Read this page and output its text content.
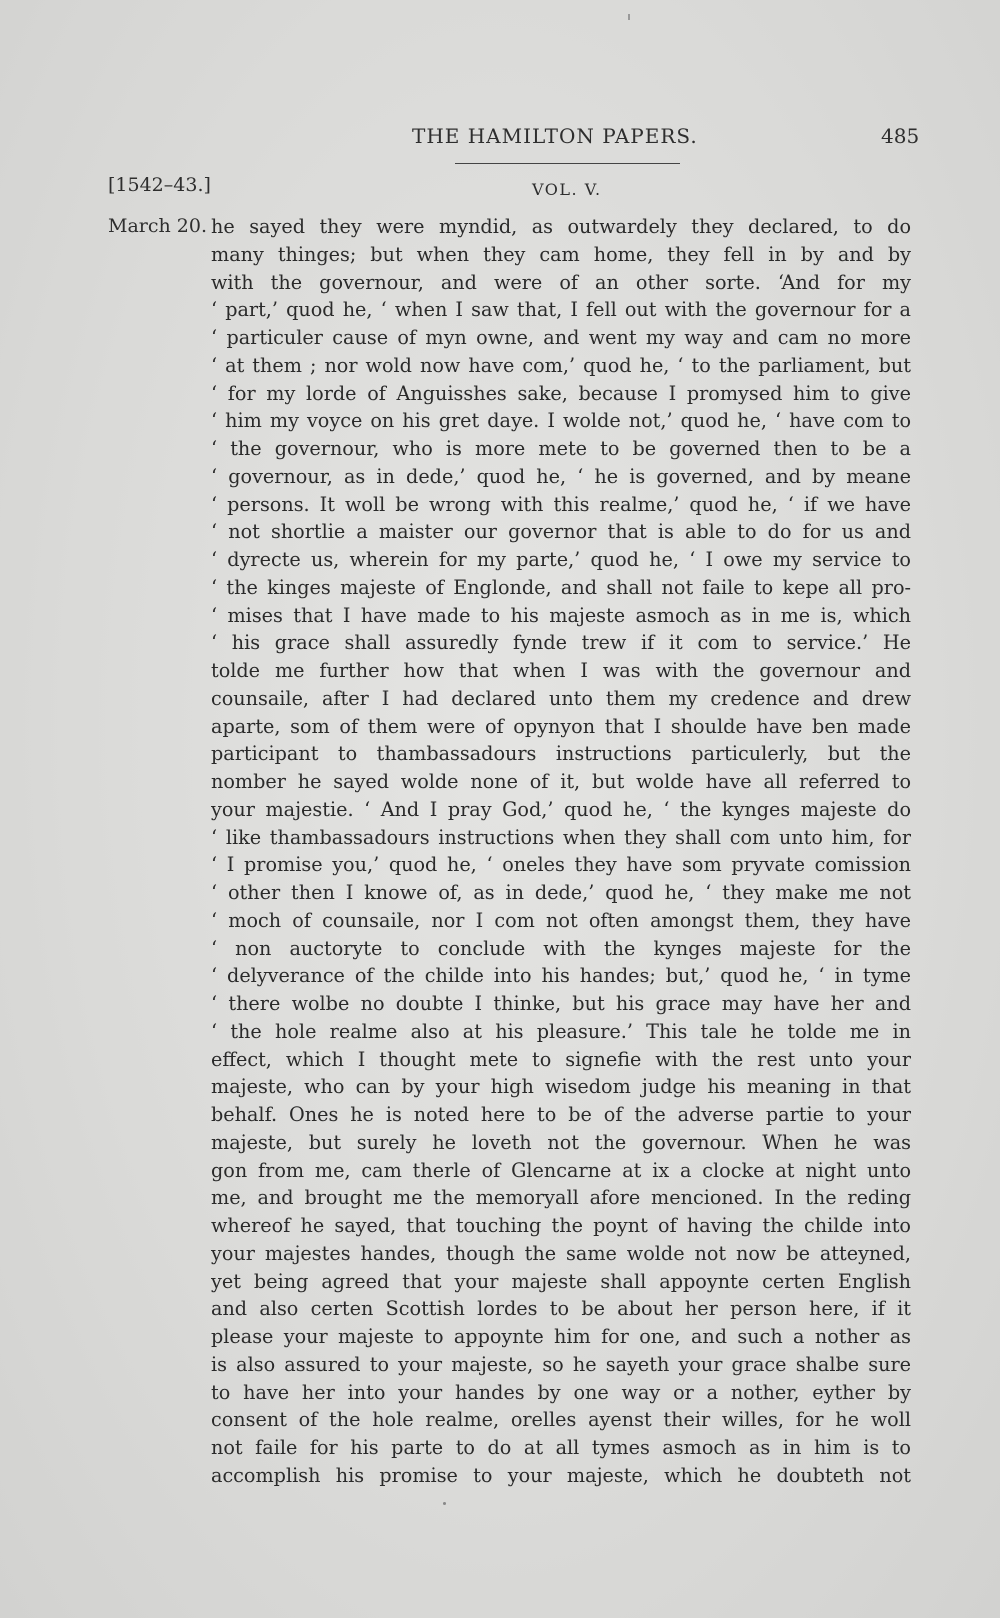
THE HAMILTON PAPERS.	485
[1542–43.]	VOL. V.
March 20. he sayed they were myndid, as outwardely they declared, to do
many thinges; but when they cam home, they fell in by and by
with the governour, and were of an other sorte. ‘And for my
‘ part,’ quod he, ‘ when I saw that, I fell out with the governour for a
‘ particuler cause of myn owne, and went my way and cam no more
‘ at them ; nor wold now have com,’ quod he, ‘ to the parliament, but
‘ for my lorde of Anguisshes sake, because I promysed him to give
‘ him my voyce on his gret daye. I wolde not,’ quod he, ‘ have com to
‘ the governour, who is more mete to be governed then to be a
‘ governour, as in dede,’ quod he, ‘ he is governed, and by meane
‘ persons. It woll be wrong with this realme,’ quod he, ‘ if we have
‘ not shortlie a maister our governor that is able to do for us and
‘ dyrecte us, wherein for my parte,’ quod he, ‘ I owe my service to
‘ the kinges majeste of Englonde, and shall not faile to kepe all pro-
‘ mises that I have made to his majeste asmoch as in me is, which
‘ his grace shall assuredly fynde trew if it com to service.’ He
tolde me further how that when I was with the governour and
counsaile, after I had declared unto them my credence and drew
aparte, som of them were of opynyon that I shoulde have ben made
participant to thambassadours instructions particulerly, but the
nomber he sayed wolde none of it, but wolde have all referred to
your majestie. ‘ And I pray God,’ quod he, ‘ the kynges majeste do
‘ like thambassadours instructions when they shall com unto him, for
‘ I promise you,’ quod he, ‘ oneles they have som pryvate comission
‘ other then I knowe of, as in dede,’ quod he, ‘ they make me not
‘ moch of counsaile, nor I com not often amongst them, they have
‘ non auctoryte to conclude with the kynges majeste for the
‘ delyverance of the childe into his handes; but,’ quod he, ‘ in tyme
‘ there wolbe no doubte I thinke, but his grace may have her and
‘ the hole realme also at his pleasure.’ This tale he tolde me in
effect, which I thought mete to signefie with the rest unto your
majeste, who can by your high wisedom judge his meaning in that
behalf. Ones he is noted here to be of the adverse partie to your
majeste, but surely he loveth not the governour. When he was
gon from me, cam therle of Glencarne at ix a clocke at night unto
me, and brought me the memoryall afore mencioned. In the reding
whereof he sayed, that touching the poynt of having the childe into
your majestes handes, though the same wolde not now be atteyned,
yet being agreed that your majeste shall appoynte certen English
and also certen Scottish lordes to be about her person here, if it
please your majeste to appoynte him for one, and such a nother as
is also assured to your majeste, so he sayeth your grace shalbe sure
to have her into your handes by one way or a nother, eyther by
consent of the hole realme, orelles ayenst their willes, for he woll
not faile for his parte to do at all tymes asmoch as in him is to
accomplish his promise to your majeste, which he doubteth not
